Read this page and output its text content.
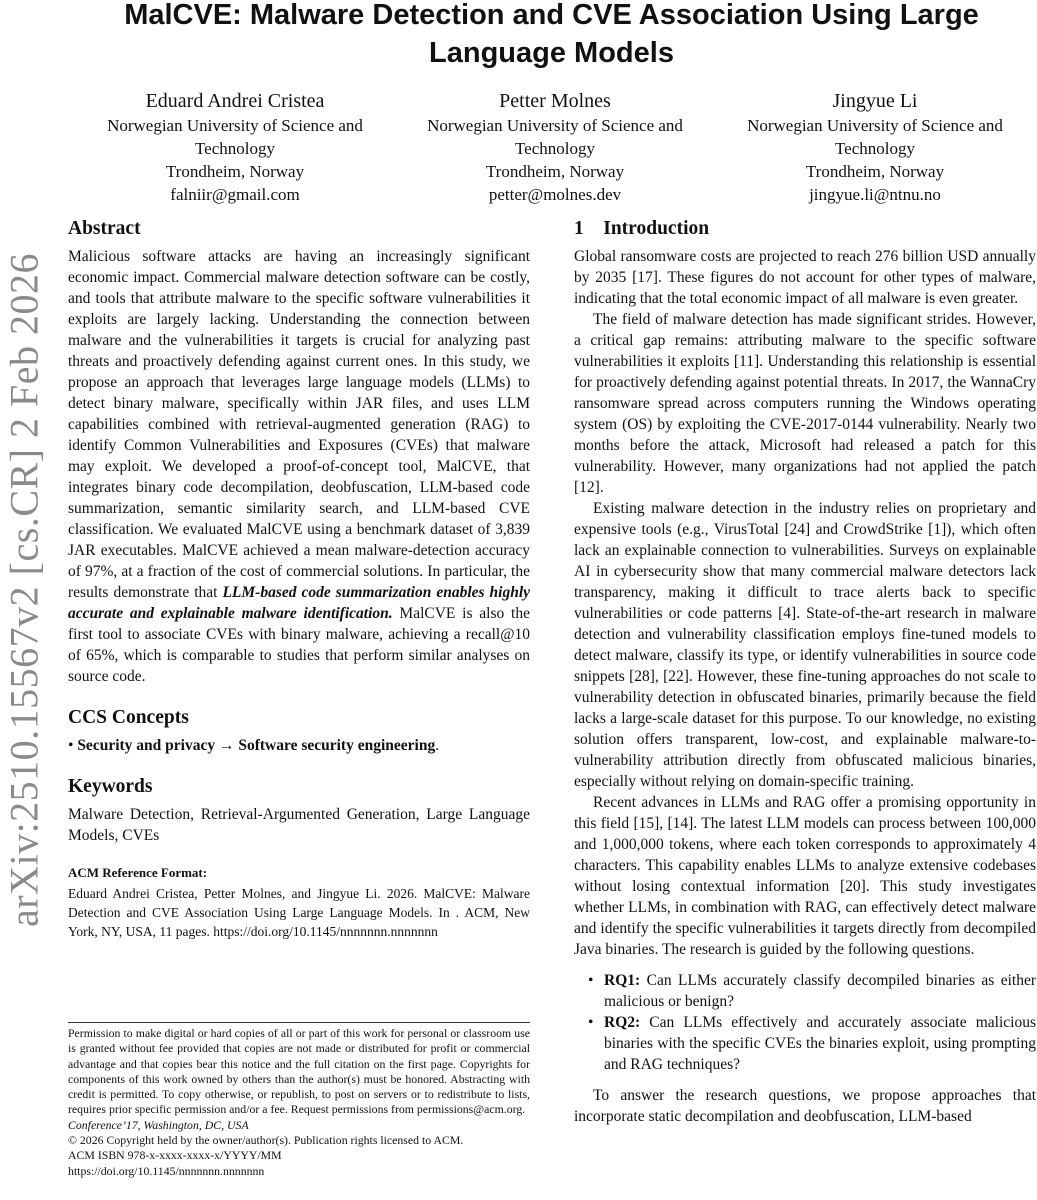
arXiv:2510.15567v2 [cs.CR] 2 Feb 2026
MalCVE: Malware Detection and CVE Association Using Large Language Models
Eduard Andrei Cristea
Norwegian University of Science and Technology
Trondheim, Norway
falniir@gmail.com
Petter Molnes
Norwegian University of Science and Technology
Trondheim, Norway
petter@molnes.dev
Jingyue Li
Norwegian University of Science and Technology
Trondheim, Norway
jingyue.li@ntnu.no
Abstract

Malicious software attacks are having an increasingly significant economic impact. Commercial malware detection software can be costly, and tools that attribute malware to the specific software vulnerabilities it exploits are largely lacking. Understanding the connection between malware and the vulnerabilities it targets is crucial for analyzing past threats and proactively defending against current ones. In this study, we propose an approach that leverages large language models (LLMs) to detect binary malware, specifically within JAR files, and uses LLM capabilities combined with retrieval-augmented generation (RAG) to identify Common Vulnerabilities and Exposures (CVEs) that malware may exploit. We developed a proof-of-concept tool, MalCVE, that integrates binary code decompilation, deobfuscation, LLM-based code summarization, semantic similarity search, and LLM-based CVE classification. We evaluated MalCVE using a benchmark dataset of 3,839 JAR executables. MalCVE achieved a mean malware-detection accuracy of 97%, at a fraction of the cost of commercial solutions. In particular, the results demonstrate that LLM-based code summarization enables highly accurate and explainable malware identification. MalCVE is also the first tool to associate CVEs with binary malware, achieving a recall@10 of 65%, which is comparable to studies that perform similar analyses on source code.

CCS Concepts

• Security and privacy → Software security engineering.

Keywords

Malware Detection, Retrieval-Argumented Generation, Large Language Models, CVEs

ACM Reference Format:
Eduard Andrei Cristea, Petter Molnes, and Jingyue Li. 2026. MalCVE: Malware Detection and CVE Association Using Large Language Models. In . ACM, New York, NY, USA, 11 pages. https://doi.org/10.1145/nnnnnnn.nnnnnnn
Permission to make digital or hard copies of all or part of this work for personal or classroom use is granted without fee provided that copies are not made or distributed for profit or commercial advantage and that copies bear this notice and the full citation on the first page. Copyrights for components of this work owned by others than the author(s) must be honored. Abstracting with credit is permitted. To copy otherwise, or republish, to post on servers or to redistribute to lists, requires prior specific permission and/or a fee. Request permissions from permissions@acm.org.
Conference’17, Washington, DC, USA
© 2026 Copyright held by the owner/author(s). Publication rights licensed to ACM.
ACM ISBN 978-x-xxxx-xxxx-x/YYYY/MM
https://doi.org/10.1145/nnnnnnn.nnnnnnn
1    Introduction

Global ransomware costs are projected to reach 276 billion USD annually by 2035 [17]. These figures do not account for other types of malware, indicating that the total economic impact of all malware is even greater.

The field of malware detection has made significant strides. However, a critical gap remains: attributing malware to the specific software vulnerabilities it exploits [11]. Understanding this relationship is essential for proactively defending against potential threats. In 2017, the WannaCry ransomware spread across computers running the Windows operating system (OS) by exploiting the CVE-2017-0144 vulnerability. Nearly two months before the attack, Microsoft had released a patch for this vulnerability. However, many organizations had not applied the patch [12].

Existing malware detection in the industry relies on proprietary and expensive tools (e.g., VirusTotal [24] and CrowdStrike [1]), which often lack an explainable connection to vulnerabilities. Surveys on explainable AI in cybersecurity show that many commercial malware detectors lack transparency, making it difficult to trace alerts back to specific vulnerabilities or code patterns [4]. State-of-the-art research in malware detection and vulnerability classification employs fine-tuned models to detect malware, classify its type, or identify vulnerabilities in source code snippets [28], [22]. However, these fine-tuning approaches do not scale to vulnerability detection in obfuscated binaries, primarily because the field lacks a large-scale dataset for this purpose. To our knowledge, no existing solution offers transparent, low-cost, and explainable malware-to-vulnerability attribution directly from obfuscated malicious binaries, especially without relying on domain-specific training.

Recent advances in LLMs and RAG offer a promising opportunity in this field [15], [14]. The latest LLM models can process between 100,000 and 1,000,000 tokens, where each token corresponds to approximately 4 characters. This capability enables LLMs to analyze extensive codebases without losing contextual information [20]. This study investigates whether LLMs, in combination with RAG, can effectively detect malware and identify the specific vulnerabilities it targets directly from decompiled Java binaries. The research is guided by the following questions.

• RQ1: Can LLMs accurately classify decompiled binaries as either malicious or benign?
• RQ2: Can LLMs effectively and accurately associate malicious binaries with the specific CVEs the binaries exploit, using prompting and RAG techniques?

To answer the research questions, we propose approaches that incorporate static decompilation and deobfuscation, LLM-based
